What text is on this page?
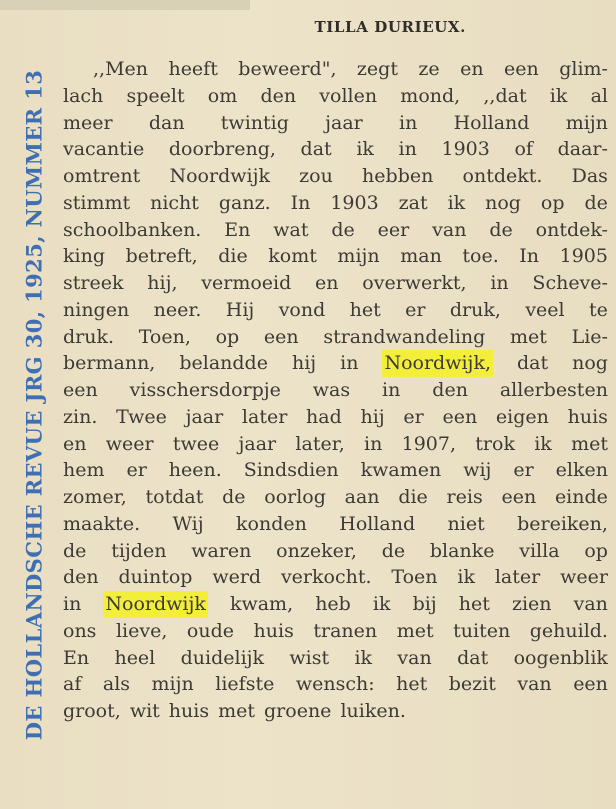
DE HOLLANDSCHE REVUE JRG 30, 1925, NUMMER 13
TILLA DURIEUX.
,,Men heeft beweerd", zegt ze en een glim-
lach speelt om den vollen mond, ,,dat ik al
meer dan twintig jaar in Holland mijn
vacantie doorbreng, dat ik in 1903 of daar-
omtrent Noordwijk zou hebben ontdekt. Das
stimmt nicht ganz. In 1903 zat ik nog op de
schoolbanken. En wat de eer van de ontdek-
king betreft, die komt mijn man toe. In 1905
streek hij, vermoeid en overwerkt, in Scheve-
ningen neer. Hij vond het er druk, veel te
druk. Toen, op een strandwandeling met Lie-
bermann, belandde hij in Noordwijk, dat nog
een visschersdorpje was in den allerbesten
zin. Twee jaar later had hij er een eigen huis
en weer twee jaar later, in 1907, trok ik met
hem er heen. Sindsdien kwamen wij er elken
zomer, totdat de oorlog aan die reis een einde
maakte. Wij konden Holland niet bereiken,
de tijden waren onzeker, de blanke villa op
den duintop werd verkocht. Toen ik later weer
in Noordwijk kwam, heb ik bij het zien van
ons lieve, oude huis tranen met tuiten gehuild.
En heel duidelijk wist ik van dat oogenblik
af als mijn liefste wensch: het bezit van een
groot, wit huis met groene luiken.
